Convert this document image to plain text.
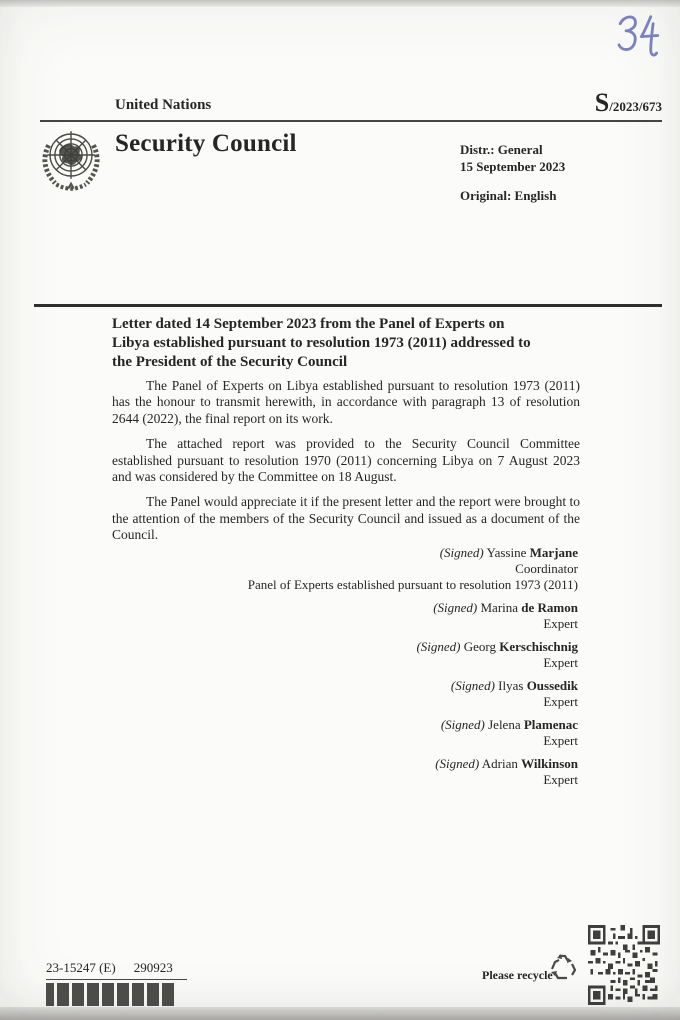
United Nations	S/2023/673
Security Council	Distr.: General
15 September 2023
Original: English
Letter dated 14 September 2023 from the Panel of Experts on
Libya established pursuant to resolution 1973 (2011) addressed to
the President of the Security Council

The Panel of Experts on Libya established pursuant to resolution 1973 (2011) has the honour to transmit herewith, in accordance with paragraph 13 of resolution 2644 (2022), the final report on its work.

The attached report was provided to the Security Council Committee established pursuant to resolution 1970 (2011) concerning Libya on 7 August 2023 and was considered by the Committee on 18 August.

The Panel would appreciate it if the present letter and the report were brought to the attention of the members of the Security Council and issued as a document of the Council.

(Signed) Yassine Marjane
Coordinator
Panel of Experts established pursuant to resolution 1973 (2011)
(Signed) Marina de Ramon
Expert
(Signed) Georg Kerschischnig
Expert
(Signed) Ilyas Oussedik
Expert
(Signed) Jelena Plamenac
Expert
(Signed) Adrian Wilkinson
Expert
23-15247 (E) 290923	Please recycle
